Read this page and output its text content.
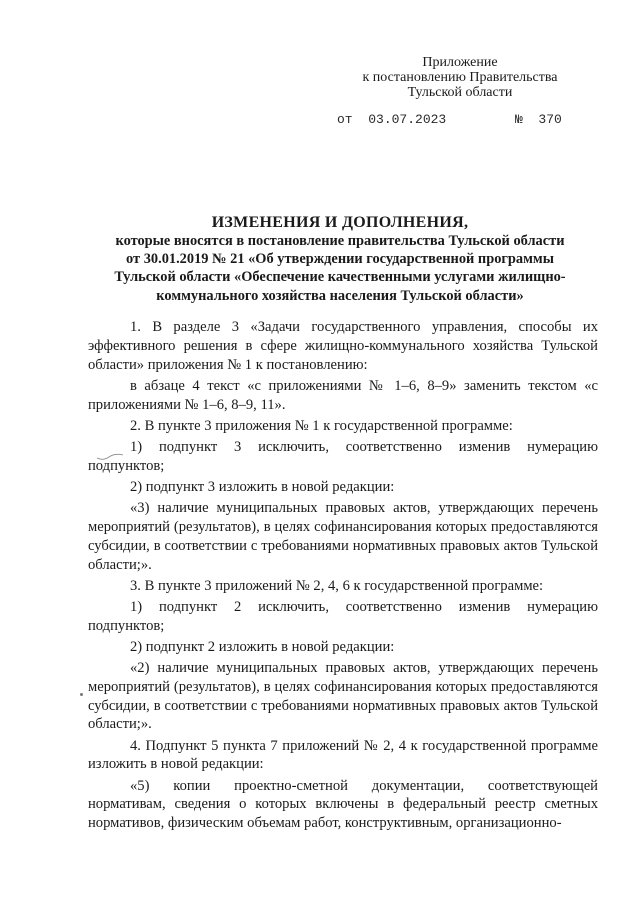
Приложение
к постановлению Правительства
Тульской области
от 03.07.2023	№ 370
ИЗМЕНЕНИЯ И ДОПОЛНЕНИЯ,
которые вносятся в постановление правительства Тульской области
от 30.01.2019 № 21 «Об утверждении государственной программы
Тульской области «Обеспечение качественными услугами жилищно-
коммунального хозяйства населения Тульской области»

1. В разделе 3 «Задачи государственного управления, способы их эффективного решения в сфере жилищно-коммунального хозяйства Тульской области» приложения № 1 к постановлению:

в абзаце 4 текст «с приложениями № 1–6, 8–9» заменить текстом «с приложениями № 1–6, 8–9, 11».

2. В пункте 3 приложения № 1 к государственной программе:

1) подпункт 3 исключить, соответственно изменив нумерацию подпунктов;

2) подпункт 3 изложить в новой редакции:

«3) наличие муниципальных правовых актов, утверждающих перечень мероприятий (результатов), в целях софинансирования которых предоставляются субсидии, в соответствии с требованиями нормативных правовых актов Тульской области;».

3. В пункте 3 приложений № 2, 4, 6 к государственной программе:

1) подпункт 2 исключить, соответственно изменив нумерацию подпунктов;

2) подпункт 2 изложить в новой редакции:

«2) наличие муниципальных правовых актов, утверждающих перечень мероприятий (результатов), в целях софинансирования которых предоставляются субсидии, в соответствии с требованиями нормативных правовых актов Тульской области;».

4. Подпункт 5 пункта 7 приложений № 2, 4 к государственной программе изложить в новой редакции:

«5) копии проектно-сметной документации, соответствующей нормативам, сведения о которых включены в федеральный реестр сметных нормативов, физическим объемам работ, конструктивным, организационно-
